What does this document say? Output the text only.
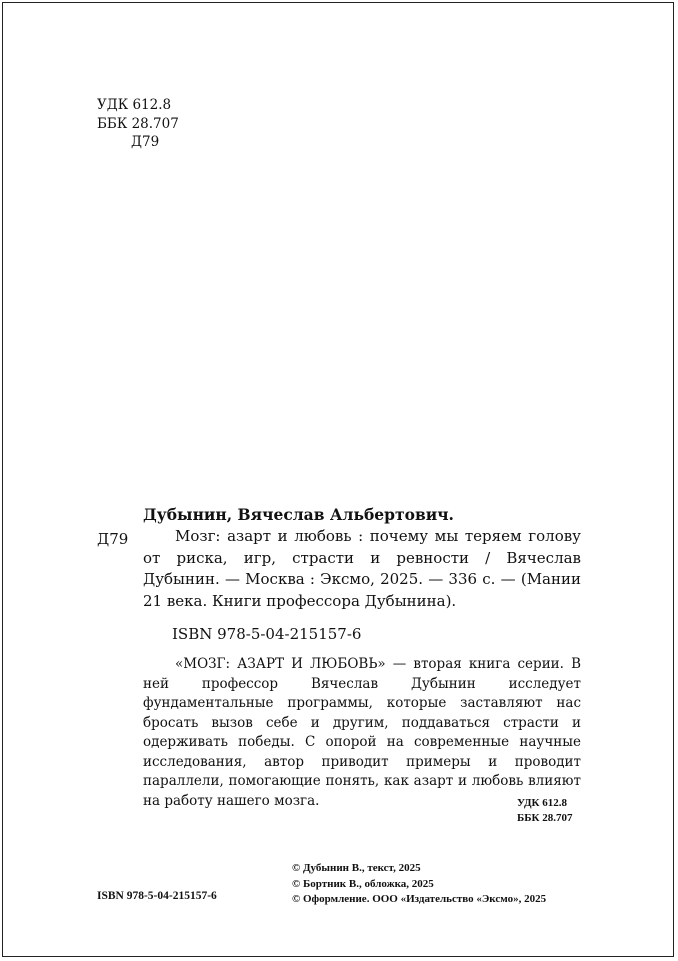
УДК 612.8
ББК 28.707
Д79
Дубынин, Вячеслав Альбертович.
Д79	Мозг: азарт и любовь : почему мы теряем голову от риска, игр, страсти и ревности / Вячеслав Дубынин. — Москва : Эксмо, 2025. — 336 с. — (Мании 21 века. Книги профессора Дубынина).

ISBN 978-5-04-215157-6

«МОЗГ: АЗАРТ И ЛЮБОВЬ» — вторая книга серии. В ней профессор Вячеслав Дубынин исследует фундаментальные программы, которые заставляют нас бросать вызов себе и другим, поддаваться страсти и одерживать победы. С опорой на современные научные исследования, автор приводит примеры и проводит параллели, помогающие понять, как азарт и любовь влияют на работу нашего мозга.	УДК 612.8
ББК 28.707
© Дубынин В., текст, 2025
© Бортник В., обложка, 2025
© Оформление. ООО «Издательство «Эксмо», 2025
ISBN 978-5-04-215157-6
